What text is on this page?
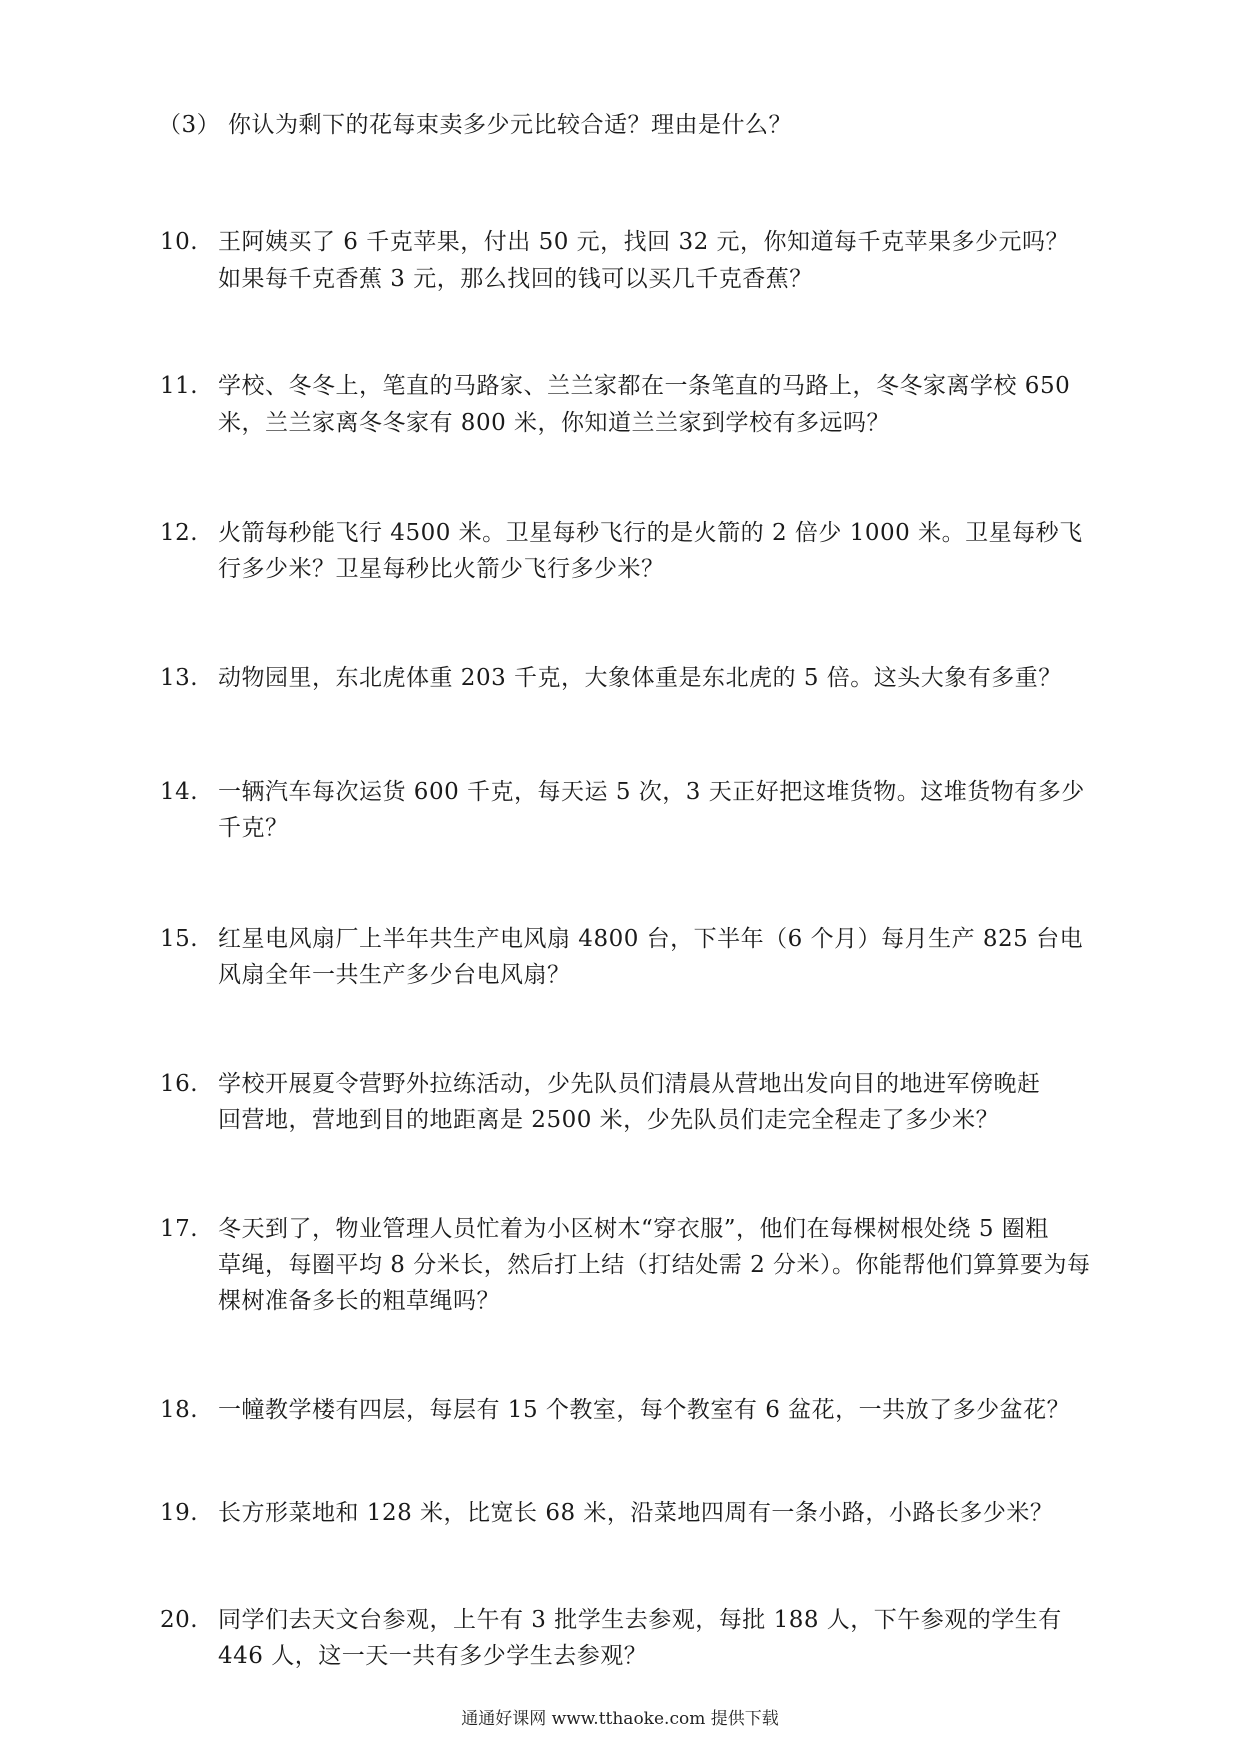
（3） 你认为剩下的花每束卖多少元比较合适？理由是什么？
10. 王阿姨买了 6 千克苹果，付出 50 元，找回 32 元，你知道每千克苹果多少元吗？
如果每千克香蕉 3 元，那么找回的钱可以买几千克香蕉？
11. 学校、冬冬上，笔直的马路家、兰兰家都在一条笔直的马路上，冬冬家离学校 650
米，兰兰家离冬冬家有 800 米，你知道兰兰家到学校有多远吗？
12. 火箭每秒能飞行 4500 米。卫星每秒飞行的是火箭的 2 倍少 1000 米。卫星每秒飞
行多少米？卫星每秒比火箭少飞行多少米？
13. 动物园里，东北虎体重 203 千克，大象体重是东北虎的 5 倍。这头大象有多重？
14. 一辆汽车每次运货 600 千克，每天运 5 次，3 天正好把这堆货物。这堆货物有多少
千克？
15. 红星电风扇厂上半年共生产电风扇 4800 台，下半年（6 个月）每月生产 825 台电
风扇全年一共生产多少台电风扇？
16. 学校开展夏令营野外拉练活动，少先队员们清晨从营地出发向目的地进军傍晚赶
回营地，营地到目的地距离是 2500 米，少先队员们走完全程走了多少米？
17. 冬天到了，物业管理人员忙着为小区树木“穿衣服”，他们在每棵树根处绕 5 圈粗
草绳，每圈平均 8 分米长，然后打上结（打结处需 2 分米）。你能帮他们算算要为每
棵树准备多长的粗草绳吗？
18. 一幢教学楼有四层，每层有 15 个教室，每个教室有 6 盆花，一共放了多少盆花？
19. 长方形菜地和 128 米，比宽长 68 米，沿菜地四周有一条小路，小路长多少米？
20. 同学们去天文台参观，上午有 3 批学生去参观，每批 188 人，下午参观的学生有
446 人，这一天一共有多少学生去参观？
通通好课网 www.tthaoke.com 提供下载
